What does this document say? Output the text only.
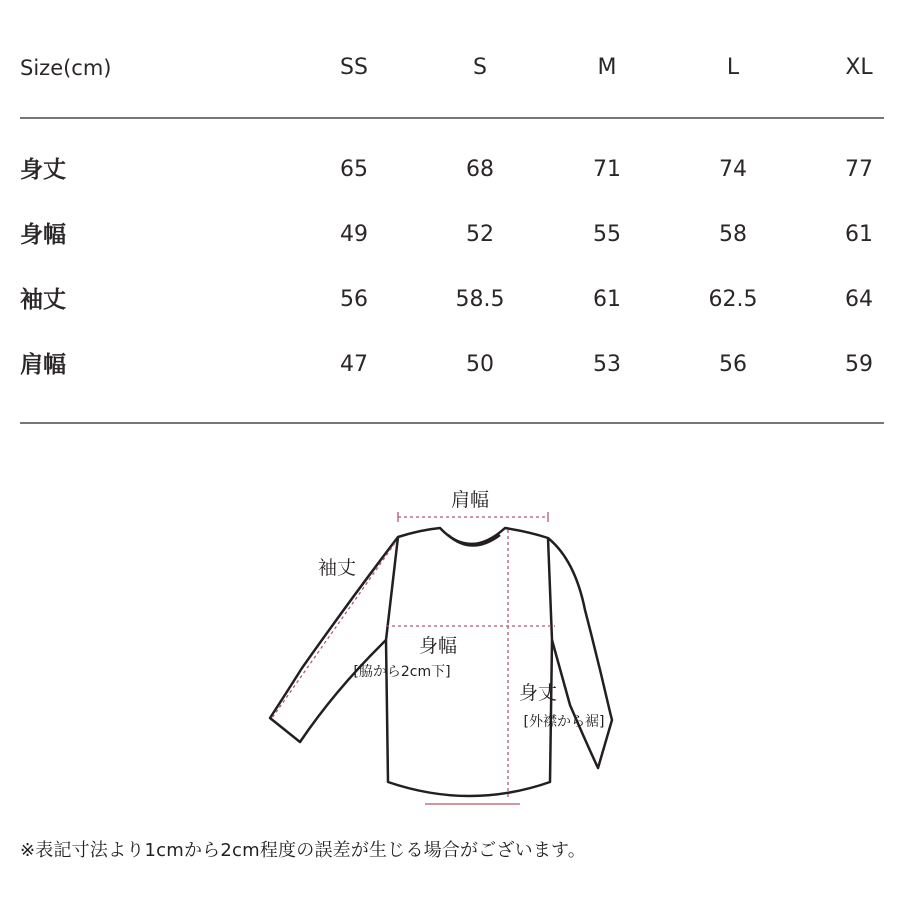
Size(cm)	SS	S	M	L	XL
身丈	65	68	71	74	77
身幅	49	52	55	58	61
袖丈	56	58.5	61	62.5	64
肩幅	47	50	53	56	59
肩幅
袖丈
身幅
[脇から2cm下]
身丈
[外襟から裾]
※表記寸法より1cmから2cm程度の誤差が生じる場合がございます。
